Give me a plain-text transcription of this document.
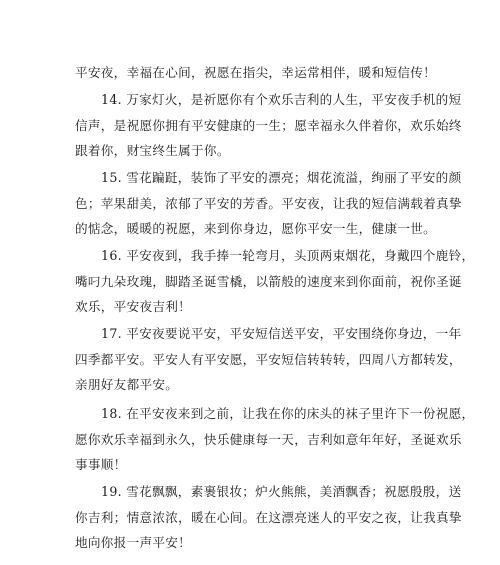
平安夜，幸福在心间，祝愿在指尖，幸运常相伴，暖和短信传！

14. 万家灯火，是祈愿你有个欢乐吉利的人生，平安夜手机的短
信声，是祝愿你拥有平安健康的一生；愿幸福永久伴着你，欢乐始终
跟着你，财宝终生属于你。

15. 雪花蹁跹，装饰了平安的漂亮；烟花流溢，绚丽了平安的颜
色；苹果甜美，浓郁了平安的芳香。平安夜，让我的短信满载着真挚
的惦念，暖暖的祝愿，来到你身边，愿你平安一生，健康一世。

16. 平安夜到，我手捧一轮弯月，头顶两束烟花，身戴四个鹿铃，
嘴叼九朵玫瑰，脚踏圣诞雪橇，以箭般的速度来到你面前，祝你圣诞
欢乐，平安夜吉利！

17. 平安夜要说平安，平安短信送平安，平安围绕你身边，一年
四季都平安。平安人有平安愿，平安短信转转转，四周八方都转发，
亲朋好友都平安。

18. 在平安夜来到之前，让我在你的床头的袜子里许下一份祝愿，
愿你欢乐幸福到永久，快乐健康每一天，吉利如意年年好，圣诞欢乐
事事顺！

19. 雪花飘飘，素裹银妆；炉火熊熊，美酒飘香；祝愿殷殷，送
你吉利；情意浓浓，暖在心间。在这漂亮迷人的平安之夜，让我真挚
地向你报一声平安！
